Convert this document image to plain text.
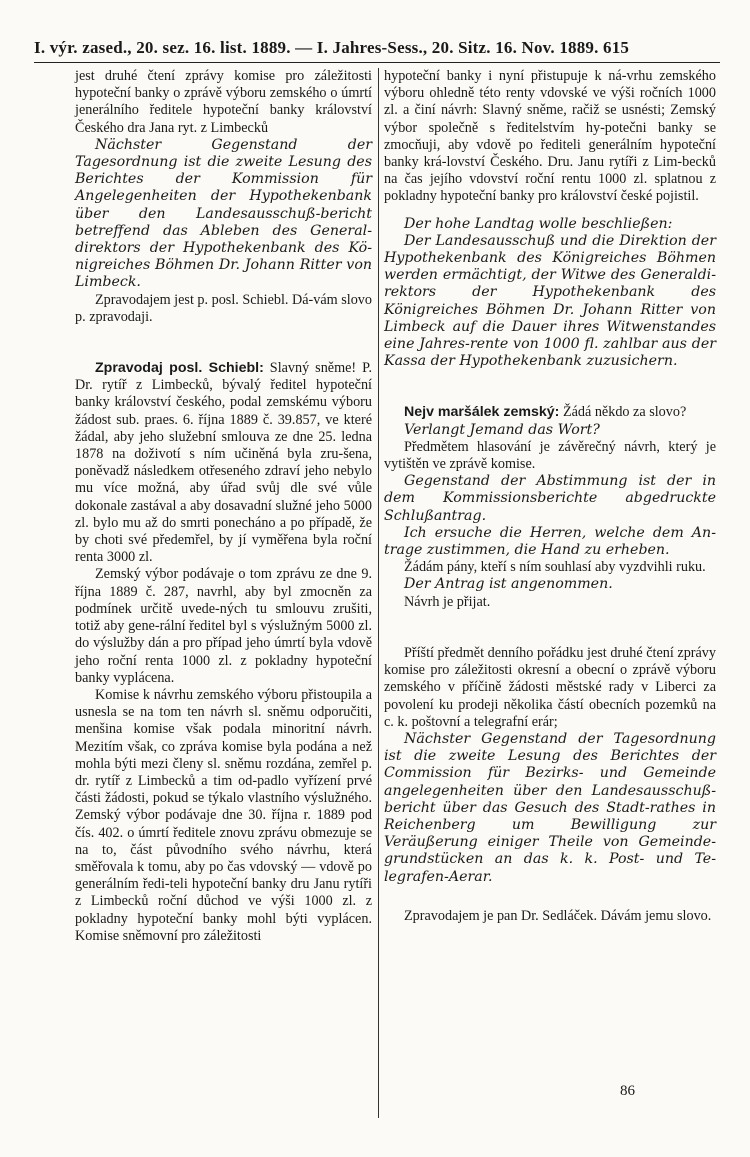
I. výr. zased., 20. sez. 16. list. 1889. — I. Jahres-Sess., 20. Sitz. 16. Nov. 1889. 615

jest druhé čtení zprávy komise pro záležitosti hypoteční banky o zprávě výboru zemského o úmrtí jenerálního ředitele hypoteční banky království Českého dra Jana ryt. z Limbecků

Nächster Gegenstand der Tagesordnung ist die zweite Lesung des Berichtes der Kommission für Angelegenheiten der Hypothekenbank über den Landesausschuß-bericht betreffend das Ableben des General-direktors der Hypothekenbank des Kö-nigreiches Böhmen Dr. Johann Ritter von Limbeck.

Zpravodajem jest p. posl. Schiebl. Dá-vám slovo p. zpravodaji.

Zpravodaj posl. Schiebl: Slavný sněme! P. Dr. rytíř z Limbecků, bývalý ředitel hypoteční banky království českého, podal zemskému výboru žádost sub. praes. 6. října 1889 č. 39.857, ve které žádal, aby jeho služební smlouva ze dne 25. ledna 1878 na doživotí s ním učiněná byla zru-šena, poněvadž následkem otřeseného zdraví jeho nebylo mu více možná, aby úřad svůj dle své vůle dokonale zastával a aby dosavadní služné jeho 5000 zl. bylo mu až do smrti ponecháno a po případě, že by choti své předemřel, by jí vyměřena byla roční renta 3000 zl.

Zemský výbor podávaje o tom zprávu ze dne 9. října 1889 č. 287, navrhl, aby byl zmocněn za podmínek určitě uvede-ných tu smlouvu zrušiti, totiž aby gene-rální ředitel byl s výslužným 5000 zl. do výslužby dán a pro případ jeho úmrtí byla vdově jeho roční renta 1000 zl. z pokladny hypoteční banky vyplácena.

Komise k návrhu zemského výboru přistoupila a usnesla se na tom ten návrh sl. sněmu odporučiti, menšina komise však podala minoritní návrh. Mezitím však, co zpráva komise byla podána a než mohla býti mezi členy sl. sněmu rozdána, zemřel p. dr. rytíř z Limbecků a tim od-padlo vyřízení prvé části žádosti, pokud se týkalo vlastního výslužného. Zemský výbor podávaje dne 30. října r. 1889 pod čís. 402. o úmrtí ředitele znovu zprávu obmezuje se na to, část původního svého návrhu, která směřovala k tomu, aby po čas vdovský — vdově po generálním ředi-teli hypoteční banky dru Janu rytíři z Limbecků roční důchod ve výši 1000 zl. z pokladny hypoteční banky mohl býti vyplácen. Komise sněmovní pro záležitosti

hypoteční banky i nyní přistupuje k ná-vrhu zemského výboru ohledně této renty vdovské ve výši ročních 1000 zl. a činí návrh: Slavný sněme, račiž se usnésti; Zemský výbor společně s ředitelstvím hy-potečni banky se zmocňuji, aby vdově po řediteli generálním hypoteční banky krá-lovství Českého. Dru. Janu rytíři z Lim-becků na čas jejího vdovství roční rentu 1000 zl. splatnou z pokladny hypoteční banky pro království české pojistil.

Der hohe Landtag wolle beschließen:

Der Landesausschuß und die Direktion der Hypothekenbank des Königreiches Böhmen werden ermächtigt, der Witwe des Generaldi-rektors der Hypothekenbank des Königreiches Böhmen Dr. Johann Ritter von Limbeck auf die Dauer ihres Witwenstandes eine Jahres-rente von 1000 fl. zahlbar aus der Kassa der Hypothekenbank zuzusichern.

Nejv maršálek zemský: Žádá někdo za slovo?

Verlangt Jemand das Wort?

Předmětem hlasování je závěrečný návrh, který je vytištěn ve zprávě komise.

Gegenstand der Abstimmung ist der in dem Kommissionsberichte abgedruckte Schlußantrag.

Ich ersuche die Herren, welche dem An-trage zustimmen, die Hand zu erheben.

Žádám pány, kteří s ním souhlasí aby vyzdvihli ruku.

Der Antrag ist angenommen.

Návrh je přijat.

Příští předmět denního pořádku jest druhé čtení zprávy komise pro záležitosti okresní a obecní o zprávě výboru zemského v příčině žádosti městské rady v Liberci za povolení ku prodeji několika částí obecních pozemků na c. k. poštovní a telegrafní erár;

Nächster Gegenstand der Tagesordnung ist die zweite Lesung des Berichtes der Commission für Bezirks- und Gemeinde angelegenheiten über den Landesausschuß-bericht über das Gesuch des Stadt-rathes in Reichenberg um Bewilligung zur Veräußerung einiger Theile von Gemeinde-grundstücken an das k. k. Post- und Te-legrafen-Aerar.

Zpravodajem je pan Dr. Sedláček. Dávám jemu slovo.

86
